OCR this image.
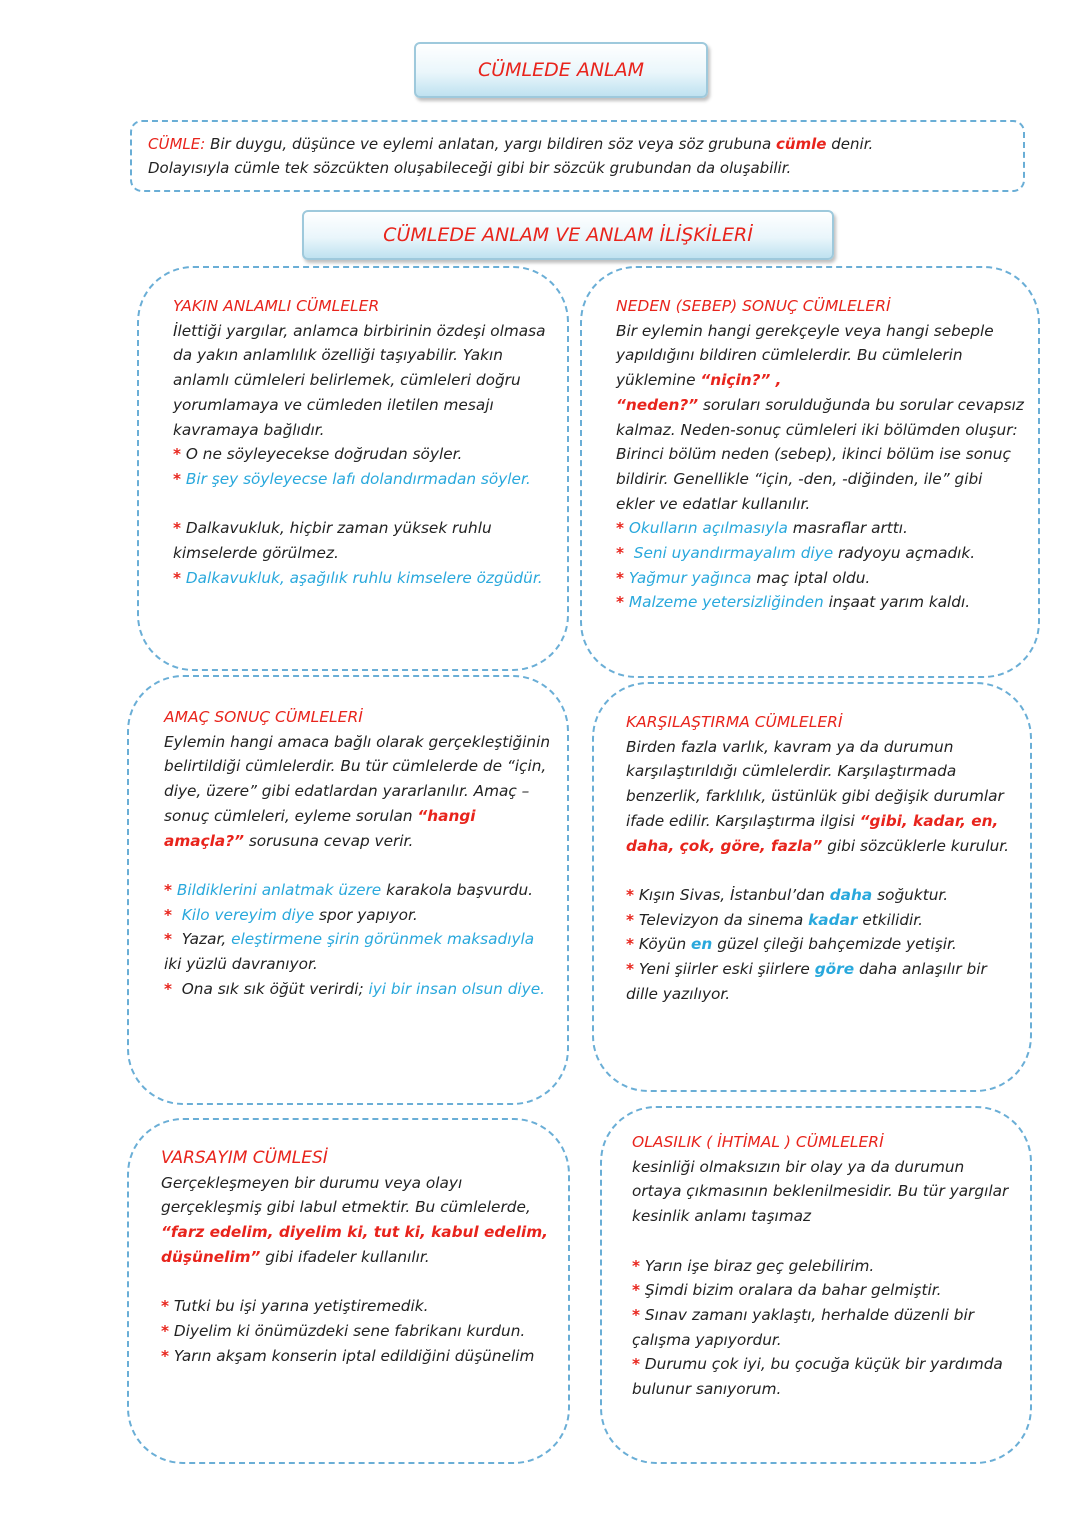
CÜMLEDE ANLAM
CÜMLE: Bir duygu, düşünce ve eylemi anlatan, yargı bildiren söz veya söz grubuna cümle denir.
Dolayısıyla cümle tek sözcükten oluşabileceği gibi bir sözcük grubundan da oluşabilir.
CÜMLEDE ANLAM VE ANLAM İLİŞKİLERİ

YAKIN ANLAMLI CÜMLELER

İlettiği yargılar, anlamca birbirinin özdeşi olmasa da yakın anlamlılık özelliği taşıyabilir. Yakın anlamlı cümleleri belirlemek, cümleleri doğru yorumlamaya ve cümleden iletilen mesajı kavramaya bağlıdır.

* O ne söyleyecekse doğrudan söyler.

* Bir şey söyleyecse lafı dolandırmadan söyler.

* Dalkavukluk, hiçbir zaman yüksek ruhlu kimselerde görülmez.

* Dalkavukluk, aşağılık ruhlu kimselere özgüdür.

NEDEN (SEBEP) SONUÇ CÜMLELERİ

Bir eylemin hangi gerekçeyle veya hangi sebeple yapıldığını bildiren cümlelerdir. Bu cümlelerin yüklemine “niçin?” ,
“neden?” soruları sorulduğunda bu sorular cevapsız kalmaz. Neden-sonuç cümleleri iki bölümden oluşur: Birinci bölüm neden (sebep), ikinci bölüm ise sonuç bildirir. Genellikle “için, -den, -diğinden, ile” gibi ekler ve edatlar kullanılır.

* Okulların açılmasıyla masraflar arttı.

* Seni uyandırmayalım diye radyoyu açmadık.

* Yağmur yağınca maç iptal oldu.

* Malzeme yetersizliğinden inşaat yarım kaldı.

AMAÇ SONUÇ CÜMLELERİ

Eylemin hangi amaca bağlı olarak gerçekleştiğinin belirtildiği cümlelerdir. Bu tür cümlelerde de “için, diye, üzere” gibi edatlardan yararlanılır. Amaç – sonuç cümleleri, eyleme sorulan “hangi amaçla?” sorusuna cevap verir.

* Bildiklerini anlatmak üzere karakola başvurdu.

* Kilo vereyim diye spor yapıyor.

* Yazar, eleştirmene şirin görünmek maksadıyla iki yüzlü davranıyor.

* Ona sık sık öğüt verirdi; iyi bir insan olsun diye.

KARŞILAŞTIRMA CÜMLELERİ

Birden fazla varlık, kavram ya da durumun karşılaştırıldığı cümlelerdir. Karşılaştırmada benzerlik, farklılık, üstünlük gibi değişik durumlar ifade edilir. Karşılaştırma ilgisi “gibi, kadar, en, daha, çok, göre, fazla” gibi sözcüklerle kurulur.

* Kışın Sivas, İstanbul’dan daha soğuktur.

* Televizyon da sinema kadar etkilidir.

* Köyün en güzel çileği bahçemizde yetişir.

* Yeni şiirler eski şiirlere göre daha anlaşılır bir dille yazılıyor.

VARSAYIM CÜMLESİ

Gerçekleşmeyen bir durumu veya olayı gerçekleşmiş gibi labul etmektir. Bu cümlelerde, “farz edelim, diyelim ki, tut ki, kabul edelim, düşünelim” gibi ifadeler kullanılır.

* Tutki bu işi yarına yetiştiremedik.

* Diyelim ki önümüzdeki sene fabrikanı kurdun.

* Yarın akşam konserin iptal edildiğini düşünelim

OLASILIK ( İHTİMAL ) CÜMLELERİ

kesinliği olmaksızın bir olay ya da durumun ortaya çıkmasının beklenilmesidir. Bu tür yargılar kesinlik anlamı taşımaz

* Yarın işe biraz geç gelebilirim.

* Şimdi bizim oralara da bahar gelmiştir.

* Sınav zamanı yaklaştı, herhalde düzenli bir çalışma yapıyordur.

* Durumu çok iyi, bu çocuğa küçük bir yardımda bulunur sanıyorum.
